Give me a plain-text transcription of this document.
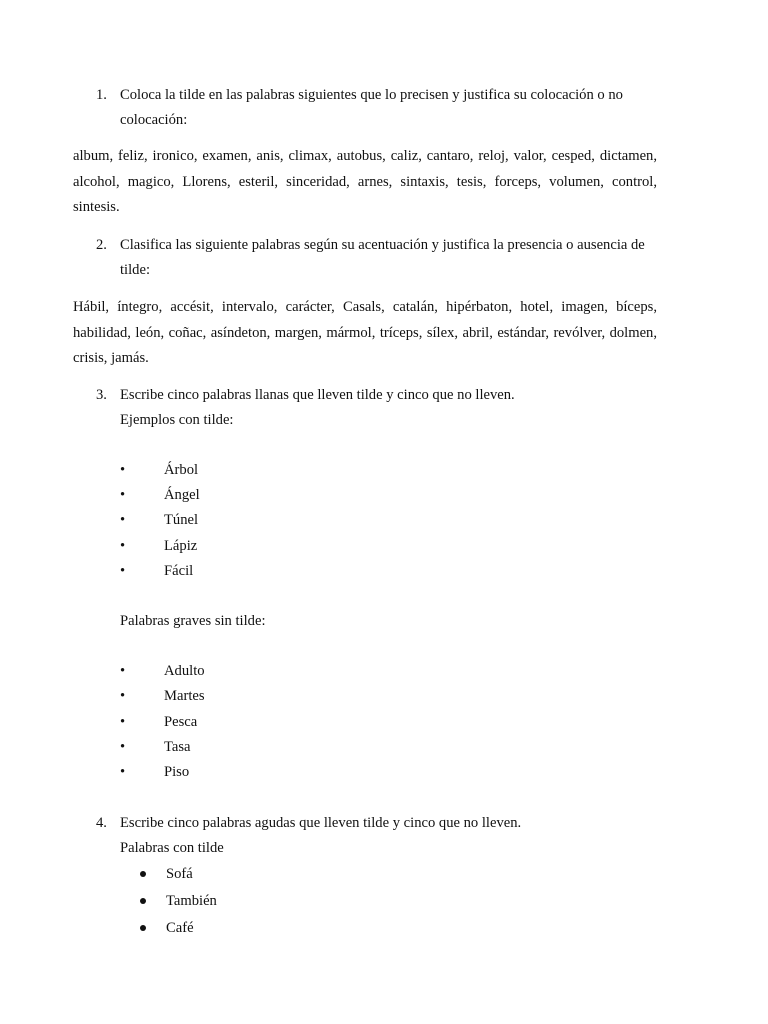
1. Coloca la tilde en las palabras siguientes que lo precisen y justifica su colocación o no colocación:
album, feliz, ironico, examen, anis, climax, autobus, caliz, cantaro, reloj, valor, cesped, dictamen, alcohol, magico, Llorens, esteril, sinceridad, arnes, sintaxis, tesis, forceps, volumen, control, sintesis.
2. Clasifica las siguiente palabras según su acentuación y justifica la presencia o ausencia de tilde:
Hábil, íntegro, accésit, intervalo, carácter, Casals, catalán, hipérbaton, hotel, imagen, bíceps, habilidad, león, coñac, asíndeton, margen, mármol, tríceps, sílex, abril, estándar, revólver, dolmen, crisis, jamás.
3. Escribe cinco palabras llanas que lleven tilde y cinco que no lleven.
Ejemplos con tilde:
•	Árbol
•	Ángel
•	Túnel
•	Lápiz
•	Fácil
Palabras graves sin tilde:
•	Adulto
•	Martes
•	Pesca
•	Tasa
•	Piso
4. Escribe cinco palabras agudas que lleven tilde y cinco que no lleven.
Palabras con tilde
Sofá
También
Café
